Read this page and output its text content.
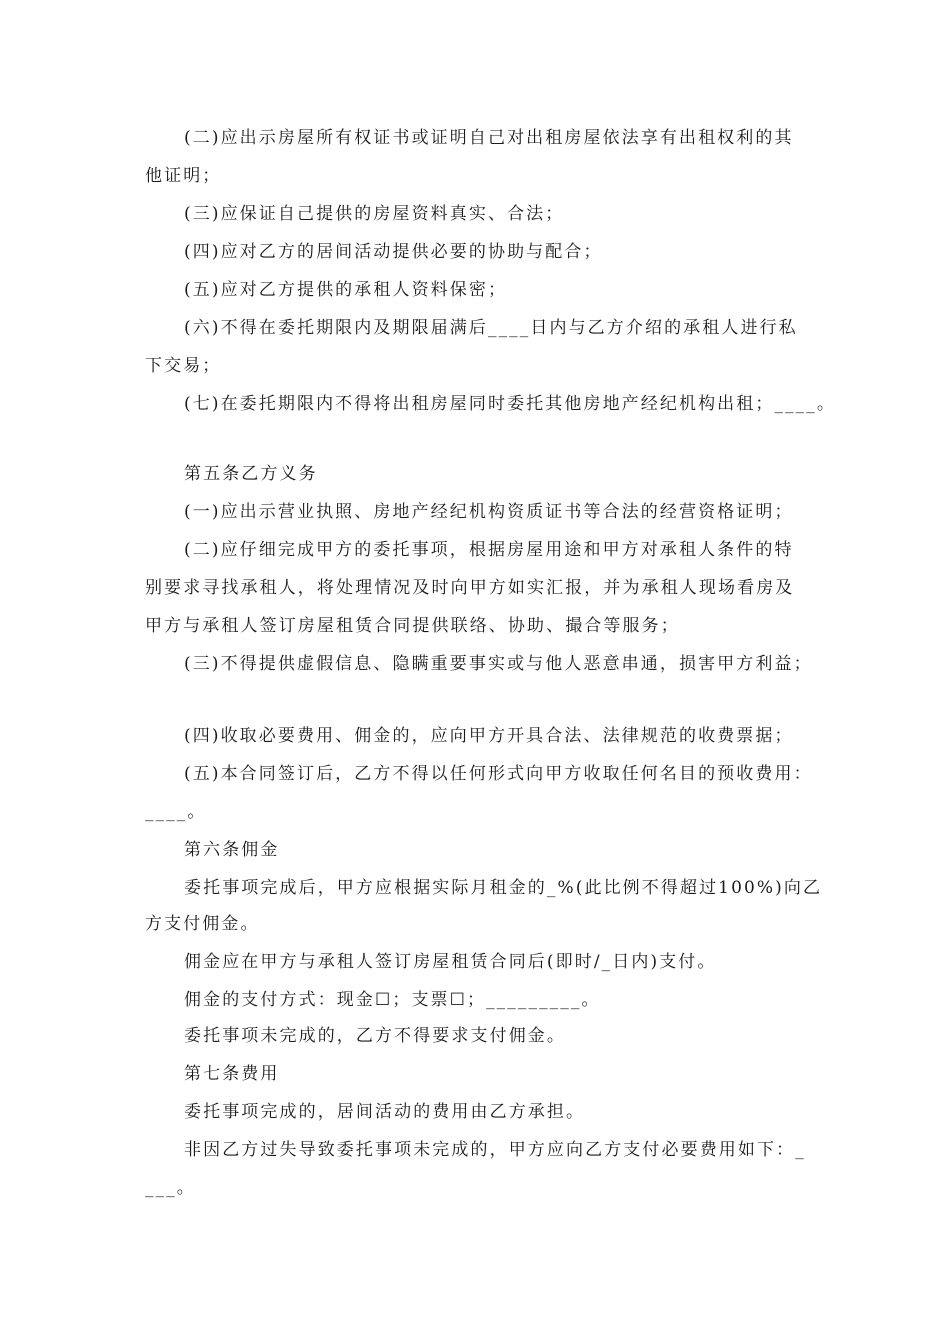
(二)应出示房屋所有权证书或证明自己对出租房屋依法享有出租权利的其
他证明；
(三)应保证自己提供的房屋资料真实、合法；
(四)应对乙方的居间活动提供必要的协助与配合；
(五)应对乙方提供的承租人资料保密；
(六)不得在委托期限内及期限届满后____日内与乙方介绍的承租人进行私
下交易；
(七)在委托期限内不得将出租房屋同时委托其他房地产经纪机构出租；____。
第五条乙方义务
(一)应出示营业执照、房地产经纪机构资质证书等合法的经营资格证明；
(二)应仔细完成甲方的委托事项，根据房屋用途和甲方对承租人条件的特
别要求寻找承租人，将处理情况及时向甲方如实汇报，并为承租人现场看房及
甲方与承租人签订房屋租赁合同提供联络、协助、撮合等服务；
(三)不得提供虚假信息、隐瞒重要事实或与他人恶意串通，损害甲方利益；
(四)收取必要费用、佣金的，应向甲方开具合法、法律规范的收费票据；
(五)本合同签订后，乙方不得以任何形式向甲方收取任何名目的预收费用：
____。
第六条佣金
委托事项完成后，甲方应根据实际月租金的_%(此比例不得超过100%)向乙
方支付佣金。
佣金应在甲方与承租人签订房屋租赁合同后(即时/_日内)支付。
佣金的支付方式：现金☐；支票☐；_________。
委托事项未完成的，乙方不得要求支付佣金。
第七条费用
委托事项完成的，居间活动的费用由乙方承担。
非因乙方过失导致委托事项未完成的，甲方应向乙方支付必要费用如下：_
___。
